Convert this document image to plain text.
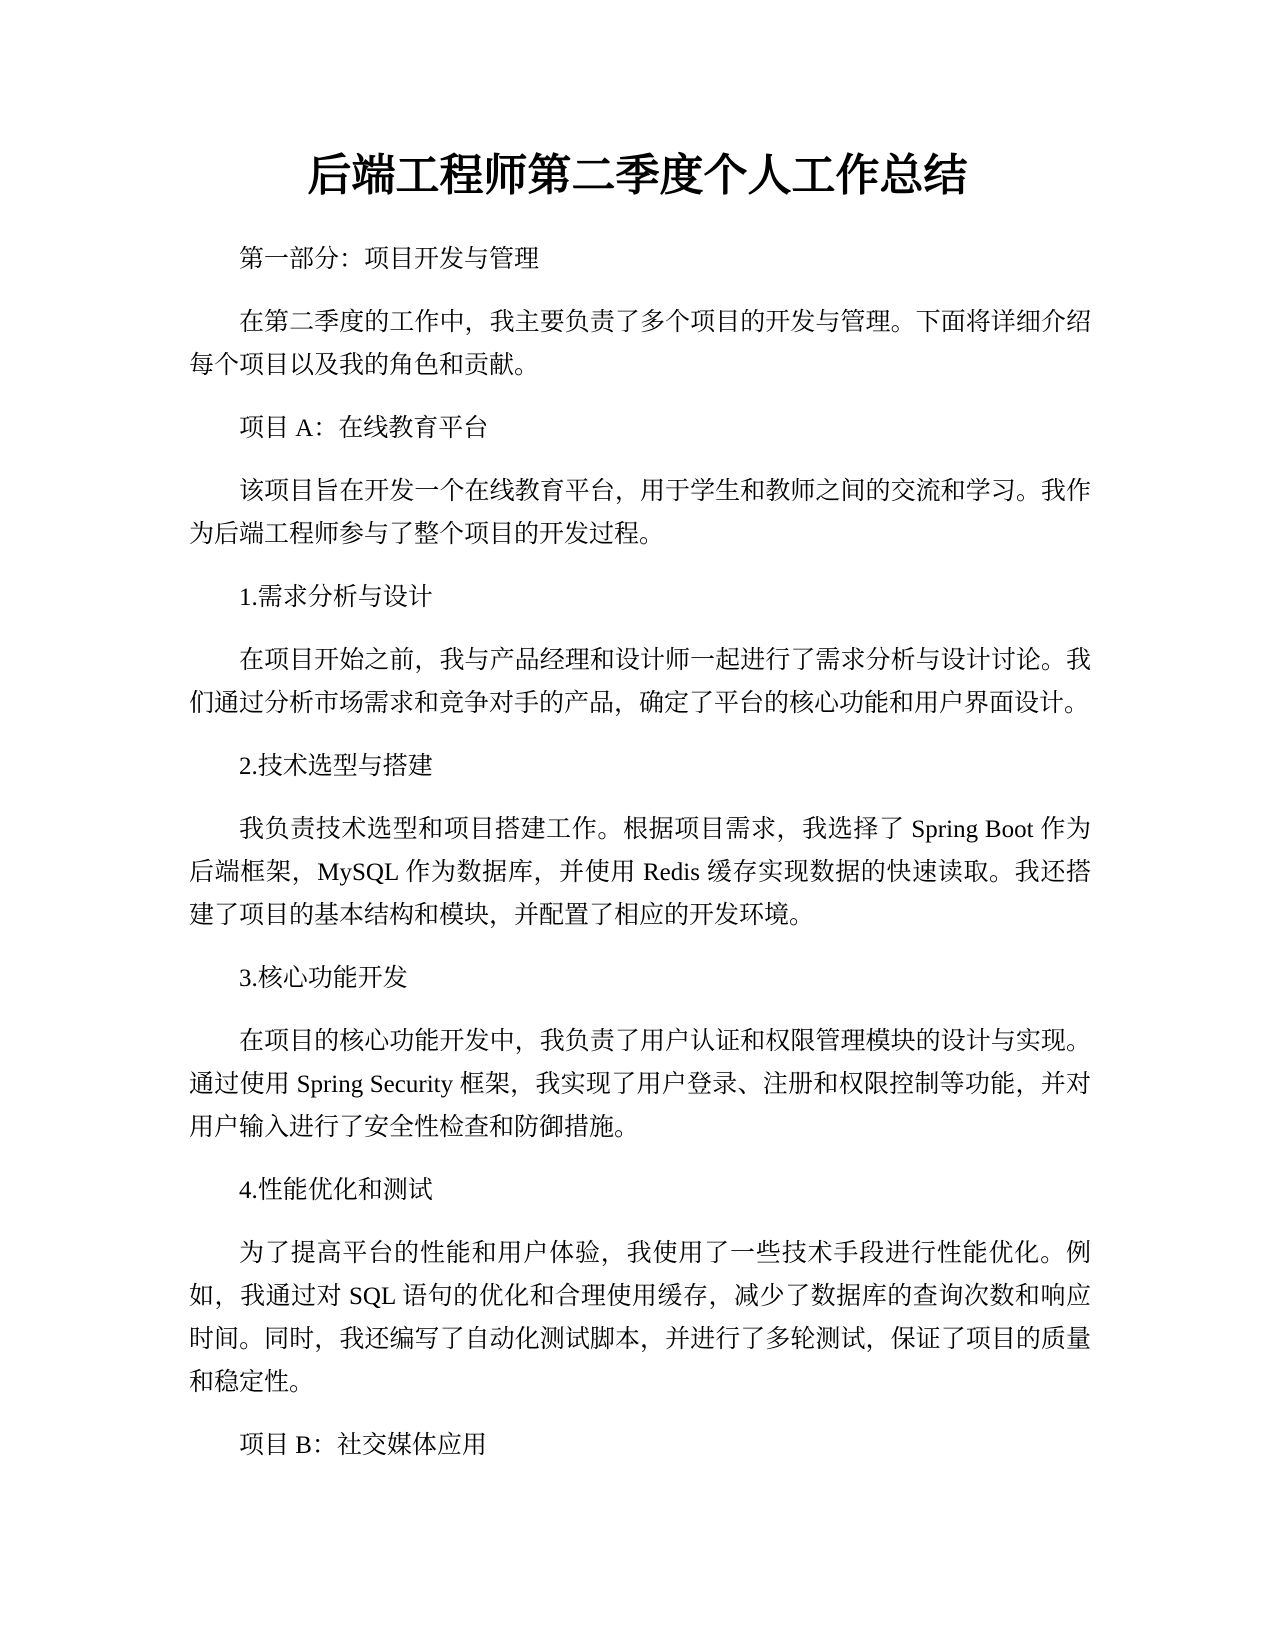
后端工程师第二季度个人工作总结

第一部分：项目开发与管理

在第二季度的工作中，我主要负责了多个项目的开发与管理。下面将详细介绍每个项目以及我的角色和贡献。

项目 A：在线教育平台

该项目旨在开发一个在线教育平台，用于学生和教师之间的交流和学习。我作为后端工程师参与了整个项目的开发过程。

1.需求分析与设计

在项目开始之前，我与产品经理和设计师一起进行了需求分析与设计讨论。我们通过分析市场需求和竞争对手的产品，确定了平台的核心功能和用户界面设计。

2.技术选型与搭建

我负责技术选型和项目搭建工作。根据项目需求，我选择了 Spring Boot 作为后端框架，MySQL 作为数据库，并使用 Redis 缓存实现数据的快速读取。我还搭建了项目的基本结构和模块，并配置了相应的开发环境。

3.核心功能开发

在项目的核心功能开发中，我负责了用户认证和权限管理模块的设计与实现。通过使用 Spring Security 框架，我实现了用户登录、注册和权限控制等功能，并对用户输入进行了安全性检查和防御措施。

4.性能优化和测试

为了提高平台的性能和用户体验，我使用了一些技术手段进行性能优化。例如，我通过对 SQL 语句的优化和合理使用缓存，减少了数据库的查询次数和响应时间。同时，我还编写了自动化测试脚本，并进行了多轮测试，保证了项目的质量和稳定性。

项目 B：社交媒体应用
